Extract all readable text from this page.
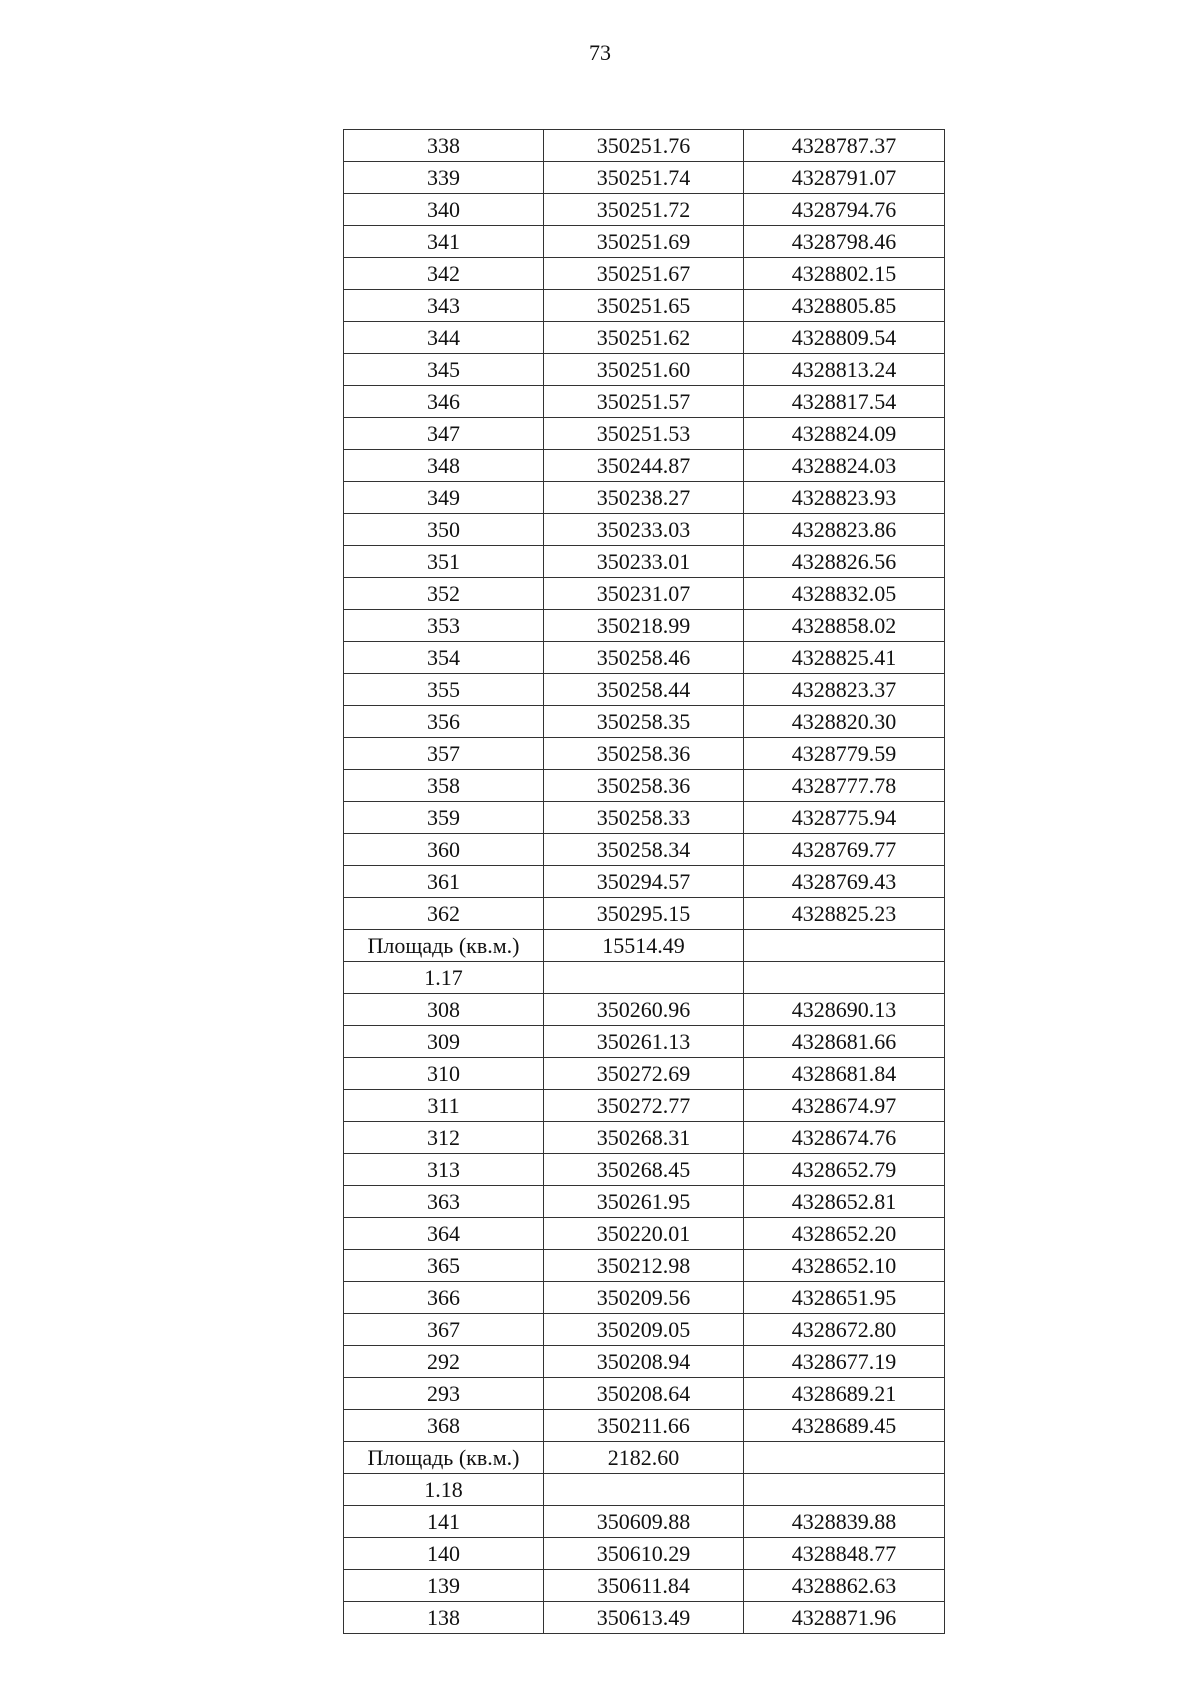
73
338	350251.76	4328787.37
339	350251.74	4328791.07
340	350251.72	4328794.76
341	350251.69	4328798.46
342	350251.67	4328802.15
343	350251.65	4328805.85
344	350251.62	4328809.54
345	350251.60	4328813.24
346	350251.57	4328817.54
347	350251.53	4328824.09
348	350244.87	4328824.03
349	350238.27	4328823.93
350	350233.03	4328823.86
351	350233.01	4328826.56
352	350231.07	4328832.05
353	350218.99	4328858.02
354	350258.46	4328825.41
355	350258.44	4328823.37
356	350258.35	4328820.30
357	350258.36	4328779.59
358	350258.36	4328777.78
359	350258.33	4328775.94
360	350258.34	4328769.77
361	350294.57	4328769.43
362	350295.15	4328825.23
Площадь (кв.м.)	15514.49	
1.17		
308	350260.96	4328690.13
309	350261.13	4328681.66
310	350272.69	4328681.84
311	350272.77	4328674.97
312	350268.31	4328674.76
313	350268.45	4328652.79
363	350261.95	4328652.81
364	350220.01	4328652.20
365	350212.98	4328652.10
366	350209.56	4328651.95
367	350209.05	4328672.80
292	350208.94	4328677.19
293	350208.64	4328689.21
368	350211.66	4328689.45
Площадь (кв.м.)	2182.60	
1.18		
141	350609.88	4328839.88
140	350610.29	4328848.77
139	350611.84	4328862.63
138	350613.49	4328871.96
